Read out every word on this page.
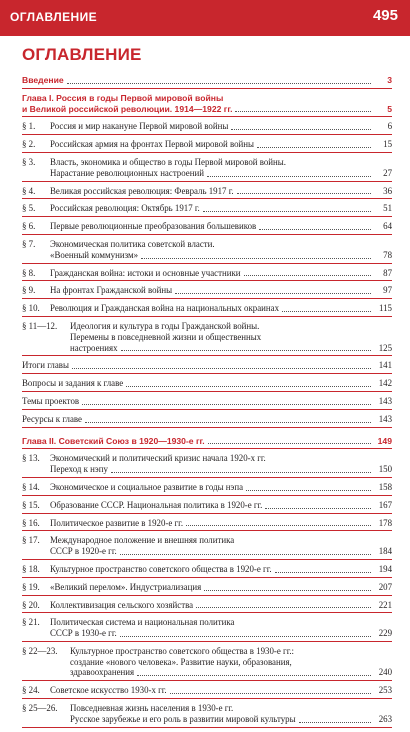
ОГЛАВЛЕНИЕ	495
ОГЛАВЛЕНИЕ
Введение	3
Глава I. Россия в годы Первой мировой войны
и Великой российской революции. 1914—1922 гг.	5
§ 1.	Россия и мир накануне Первой мировой войны	6
§ 2.	Российская армия на фронтах Первой мировой войны	15
§ 3.	Власть, экономика и общество в годы Первой мировой войны.
Нарастание революционных настроений	27
§ 4.	Великая российская революция: Февраль 1917 г.	36
§ 5.	Российская революция: Октябрь 1917 г.	51
§ 6.	Первые революционные преобразования большевиков	64
§ 7.	Экономическая политика советской власти.
«Военный коммунизм»	78
§ 8.	Гражданская война: истоки и основные участники	87
§ 9.	На фронтах Гражданской войны	97
§ 10.	Революция и Гражданская война на национальных окраинах	115
§ 11—12.	Идеология и культура в годы Гражданской войны.
Перемены в повседневной жизни и общественных
настроениях	125
Итоги главы	141
Вопросы и задания к главе	142
Темы проектов	143
Ресурсы к главе	143
Глава II. Советский Союз в 1920—1930-е гг.	149
§ 13.	Экономический и политический кризис начала 1920-х гг.
Переход к нэпу	150
§ 14.	Экономическое и социальное развитие в годы нэпа	158
§ 15.	Образование СССР. Национальная политика в 1920-е гг.	167
§ 16.	Политическое развитие в 1920-е гг.	178
§ 17.	Международное положение и внешняя политика
СССР в 1920-е гг.	184
§ 18.	Культурное пространство советского общества в 1920-е гг.	194
§ 19.	«Великий перелом». Индустриализация	207
§ 20.	Коллективизация сельского хозяйства	221
§ 21.	Политическая система и национальная политика
СССР в 1930-е гг.	229
§ 22—23.	Культурное пространство советского общества в 1930-е гг.:
создание «нового человека». Развитие науки, образования,
здравоохранения	240
§ 24.	Советское искусство 1930-х гг.	253
§ 25—26.	Повседневная жизнь населения в 1930-е гг.
Русское зарубежье и его роль в развитии мировой культуры	263
